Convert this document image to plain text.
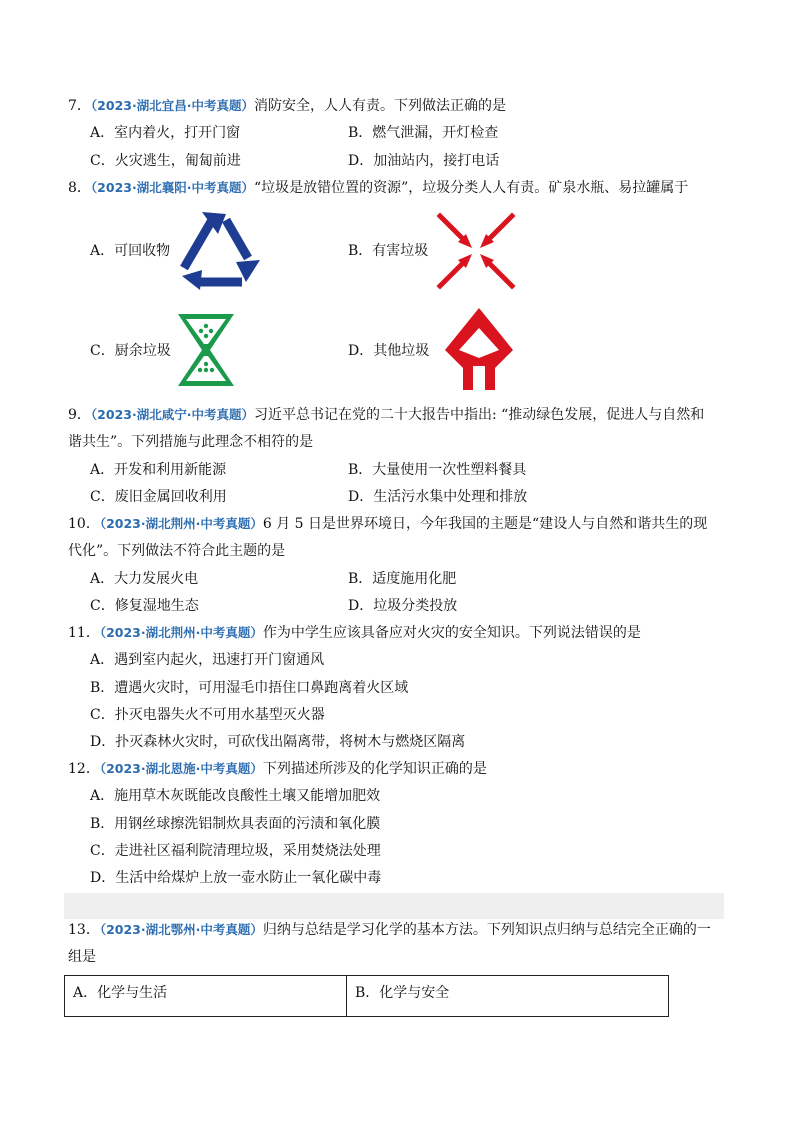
7．（2023·湖北宜昌·中考真题）消防安全，人人有责。下列做法正确的是
A．室内着火，打开门窗	B．燃气泄漏，开灯检查
C．火灾逃生，匍匐前进	D．加油站内，接打电话
8．（2023·湖北襄阳·中考真题）“垃圾是放错位置的资源”，垃圾分类人人有责。矿泉水瓶、易拉罐属于
A．可回收物	B．有害垃圾
C．厨余垃圾	D．其他垃圾
9．（2023·湖北咸宁·中考真题）习近平总书记在党的二十大报告中指出: “推动绿色发展，促进人与自然和
谐共生”。下列措施与此理念不相符的是
A．开发和利用新能源	B．大量使用一次性塑料餐具
C．废旧金属回收利用	D．生活污水集中处理和排放
10．（2023·湖北荆州·中考真题）6 月 5 日是世界环境日，今年我国的主题是“建设人与自然和谐共生的现
代化”。下列做法不符合此主题的是
A．大力发展火电	B．适度施用化肥
C．修复湿地生态	D．垃圾分类投放
11．（2023·湖北荆州·中考真题）作为中学生应该具备应对火灾的安全知识。下列说法错误的是
A．遇到室内起火，迅速打开门窗通风
B．遭遇火灾时，可用湿毛巾捂住口鼻跑离着火区域
C．扑灭电器失火不可用水基型灭火器
D．扑灭森林火灾时，可砍伐出隔离带，将树木与燃烧区隔离
12．（2023·湖北恩施·中考真题）下列描述所涉及的化学知识正确的是
A．施用草木灰既能改良酸性土壤又能增加肥效
B．用钢丝球擦洗铝制炊具表面的污渍和氧化膜
C．走进社区福利院清理垃圾，采用焚烧法处理
D．生活中给煤炉上放一壶水防止一氧化碳中毒
13．（2023·湖北鄂州·中考真题）归纳与总结是学习化学的基本方法。下列知识点归纳与总结完全正确的一
组是
A．化学与生活	B．化学与安全
